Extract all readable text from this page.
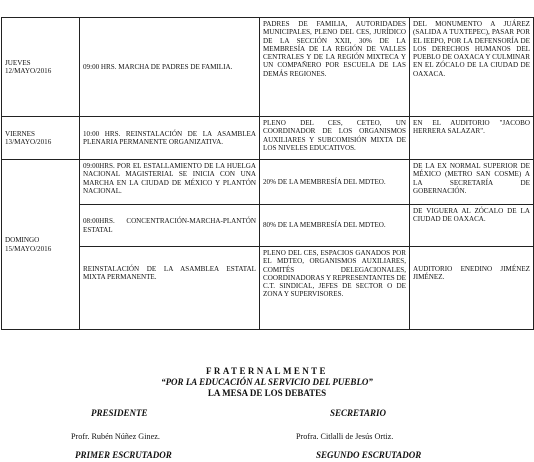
JUEVES 12/MAYO/2016	09:00 HRS. MARCHA DE PADRES DE FAMILIA.	PADRES DE FAMILIA, AUTORIDADES MUNICIPALES, PLENO DEL CES, JURÍDICO DE LA SECCIÓN XXII, 30% DE LA MEMBRESÍA DE LA REGIÓN DE VALLES CENTRALES Y DE LA REGIÓN MIXTECA Y UN COMPAÑERO POR ESCUELA DE LAS DEMÁS REGIONES.	DEL MONUMENTO A JUÁREZ (SALIDA A TUXTEPEC), PASAR POR EL IEEPO, POR LA DEFENSORÍA DE LOS DERECHOS HUMANOS DEL PUEBLO DE OAXACA Y CULMINAR EN EL ZÓCALO DE LA CIUDAD DE OAXACA.
VIERNES 13/MAYO/2016	10:00 HRS. REINSTALACIÓN DE LA ASAMBLEA PLENARIA PERMANENTE ORGANIZATIVA.	PLENO DEL CES, CETEO, UN COORDINADOR DE LOS ORGANISMOS AUXILIARES Y SUBCOMISIÓN MIXTA DE LOS NIVELES EDUCATIVOS.	EN EL AUDITORIO "JACOBO HERRERA SALAZAR".
DOMINGO 15/MAYO/2016	09:00HRS. POR EL ESTALLAMIENTO DE LA HUELGA NACIONAL MAGISTERIAL SE INICIA CON UNA MARCHA EN LA CIUDAD DE MÉXICO Y PLANTÓN NACIONAL.	20% DE LA MEMBRESÍA DEL MDTEO.	DE LA EX NORMAL SUPERIOR DE MÉXICO (METRO SAN COSME) A LA SECRETARÍA DE GOBERNACIÓN.
	08:00HRS. CONCENTRACIÓN-MARCHA-PLANTÓN ESTATAL	80% DE LA MEMBRESÍA DEL MDTEO.	DE VIGUERA AL ZÓCALO DE LA CIUDAD DE OAXACA.
	REINSTALACIÓN DE LA ASAMBLEA ESTATAL MIXTA PERMANENTE.	PLENO DEL CES, ESPACIOS GANADOS POR EL MDTEO, ORGANISMOS AUXILIARES, COMITÉS DELEGACIONALES, COORDINADORAS Y REPRESENTANTES DE C.T. SINDICAL, JEFES DE SECTOR O DE ZONA Y SUPERVISORES.	AUDITORIO ENEDINO JIMÉNEZ JIMÉNEZ.
FRATERNALMENTE
“POR LA EDUCACIÓN AL SERVICIO DEL PUEBLO”
LA MESA DE LOS DEBATES
PRESIDENTE
Profr. Rubén Núñez Ginez.
SECRETARIO
Profra. Citlalli de Jesús Ortiz.
PRIMER ESCRUTADOR	SEGUNDO ESCRUTADOR
